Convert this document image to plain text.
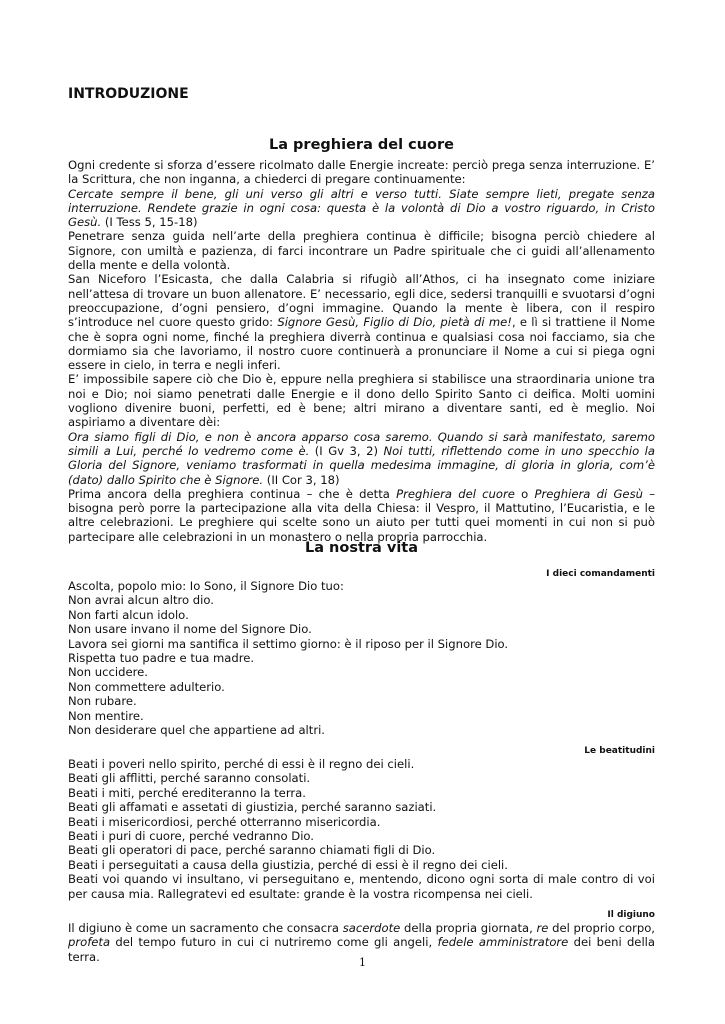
INTRODUZIONE
La preghiera del cuore

Ogni credente si sforza d’essere ricolmato dalle Energie increate: perciò prega senza interruzione. E’ la Scrittura, che non inganna, a chiederci di pregare continuamente:

Cercate sempre il bene, gli uni verso gli altri e verso tutti. Siate sempre lieti, pregate senza interruzione. Rendete grazie in ogni cosa: questa è la volontà di Dio a vostro riguardo, in Cristo Gesù. (I Tess 5, 15-18)

Penetrare senza guida nell’arte della preghiera continua è difficile; bisogna perciò chiedere al Signore, con umiltà e pazienza, di farci incontrare un Padre spirituale che ci guidi all’allenamento della mente e della volontà.

San Niceforo l’Esicasta, che dalla Calabria si rifugiò all’Athos, ci ha insegnato come iniziare nell’attesa di trovare un buon allenatore. E’ necessario, egli dice, sedersi tranquilli e svuotarsi d’ogni preoccupazione, d’ogni pensiero, d’ogni immagine. Quando la mente è libera, con il respiro s’introduce nel cuore questo grido: Signore Gesù, Figlio di Dio, pietà di me!, e lì si trattiene il Nome che è sopra ogni nome, finché la preghiera diverrà continua e qualsiasi cosa noi facciamo, sia che dormiamo sia che lavoriamo, il nostro cuore continuerà a pronunciare il Nome a cui si piega ogni essere in cielo, in terra e negli inferi.

E’ impossibile sapere ciò che Dio è, eppure nella preghiera si stabilisce una straordinaria unione tra noi e Dio; noi siamo penetrati dalle Energie e il dono dello Spirito Santo ci deifica. Molti uomini vogliono divenire buoni, perfetti, ed è bene; altri mirano a diventare santi, ed è meglio. Noi aspiriamo a diventare dèi:

Ora siamo figli di Dio, e non è ancora apparso cosa saremo. Quando si sarà manifestato, saremo simili a Lui, perché lo vedremo come è. (I Gv 3, 2) Noi tutti, riflettendo come in uno specchio la Gloria del Signore, veniamo trasformati in quella medesima immagine, di gloria in gloria, com’è (dato) dallo Spirito che è Signore. (II Cor 3, 18)

Prima ancora della preghiera continua – che è detta Preghiera del cuore o Preghiera di Gesù – bisogna però porre la partecipazione alla vita della Chiesa: il Vespro, il Mattutino, l’Eucaristia, e le altre celebrazioni. Le preghiere qui scelte sono un aiuto per tutti quei momenti in cui non si può partecipare alle celebrazioni in un monastero o nella propria parrocchia.

La nostra vita
I dieci comandamenti
Ascolta, popolo mio: Io Sono, il Signore Dio tuo:
Non avrai alcun altro dio.
Non farti alcun idolo.
Non usare invano il nome del Signore Dio.
Lavora sei giorni ma santifica il settimo giorno: è il riposo per il Signore Dio.
Rispetta tuo padre e tua madre.
Non uccidere.
Non commettere adulterio.
Non rubare.
Non mentire.
Non desiderare quel che appartiene ad altri.
Le beatitudini
Beati i poveri nello spirito, perché di essi è il regno dei cieli.
Beati gli afflitti, perché saranno consolati.
Beati i miti, perché erediteranno la terra.
Beati gli affamati e assetati di giustizia, perché saranno saziati.
Beati i misericordiosi, perché otterranno misericordia.
Beati i puri di cuore, perché vedranno Dio.
Beati gli operatori di pace, perché saranno chiamati figli di Dio.
Beati i perseguitati a causa della giustizia, perché di essi è il regno dei cieli.
Beati voi quando vi insultano, vi perseguitano e, mentendo, dicono ogni sorta di male contro di voi per causa mia. Rallegratevi ed esultate: grande è la vostra ricompensa nei cieli.
Il digiuno

Il digiuno è come un sacramento che consacra sacerdote della propria giornata, re del proprio corpo, profeta del tempo futuro in cui ci nutriremo come gli angeli, fedele amministratore dei beni della terra.	1
